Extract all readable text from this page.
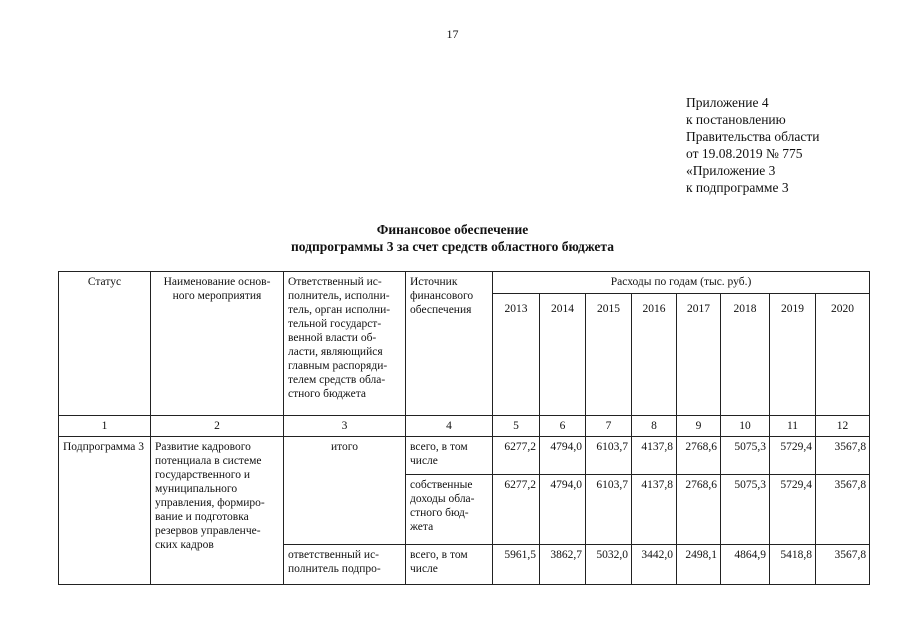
17
Приложение 4
к постановлению
Правительства области
от 19.08.2019 № 775
«Приложение 3
к подпрограмме 3
Финансовое обеспечение
подпрограммы 3 за счет средств областного бюджета
Статус	Наименование основ-ного мероприятия	Ответственный ис-полнитель, исполни-тель, орган исполни-тельной государст-венной власти об-ласти, являющийся главным распоряди-телем средств обла-стного бюджета	Источник финансового обеспечения	Расходы по годам (тыс. руб.)							
				2013	2014	2015	2016	2017	2018	2019	2020
1	2	3	4	5	6	7	8	9	10	11	12
Подпрограмма 3	Развитие кадрового потенциала в системе государственного и муниципального управления, формиро-вание и подготовка резервов управленче-ских кадров	итого	всего, в том числе	6277,2	4794,0	6103,7	4137,8	2768,6	5075,3	5729,4	3567,8
			собственные доходы обла-стного бюд-жета	6277,2	4794,0	6103,7	4137,8	2768,6	5075,3	5729,4	3567,8
		ответственный ис-полнитель подпро-	всего, в том числе	5961,5	3862,7	5032,0	3442,0	2498,1	4864,9	5418,8	3567,8
